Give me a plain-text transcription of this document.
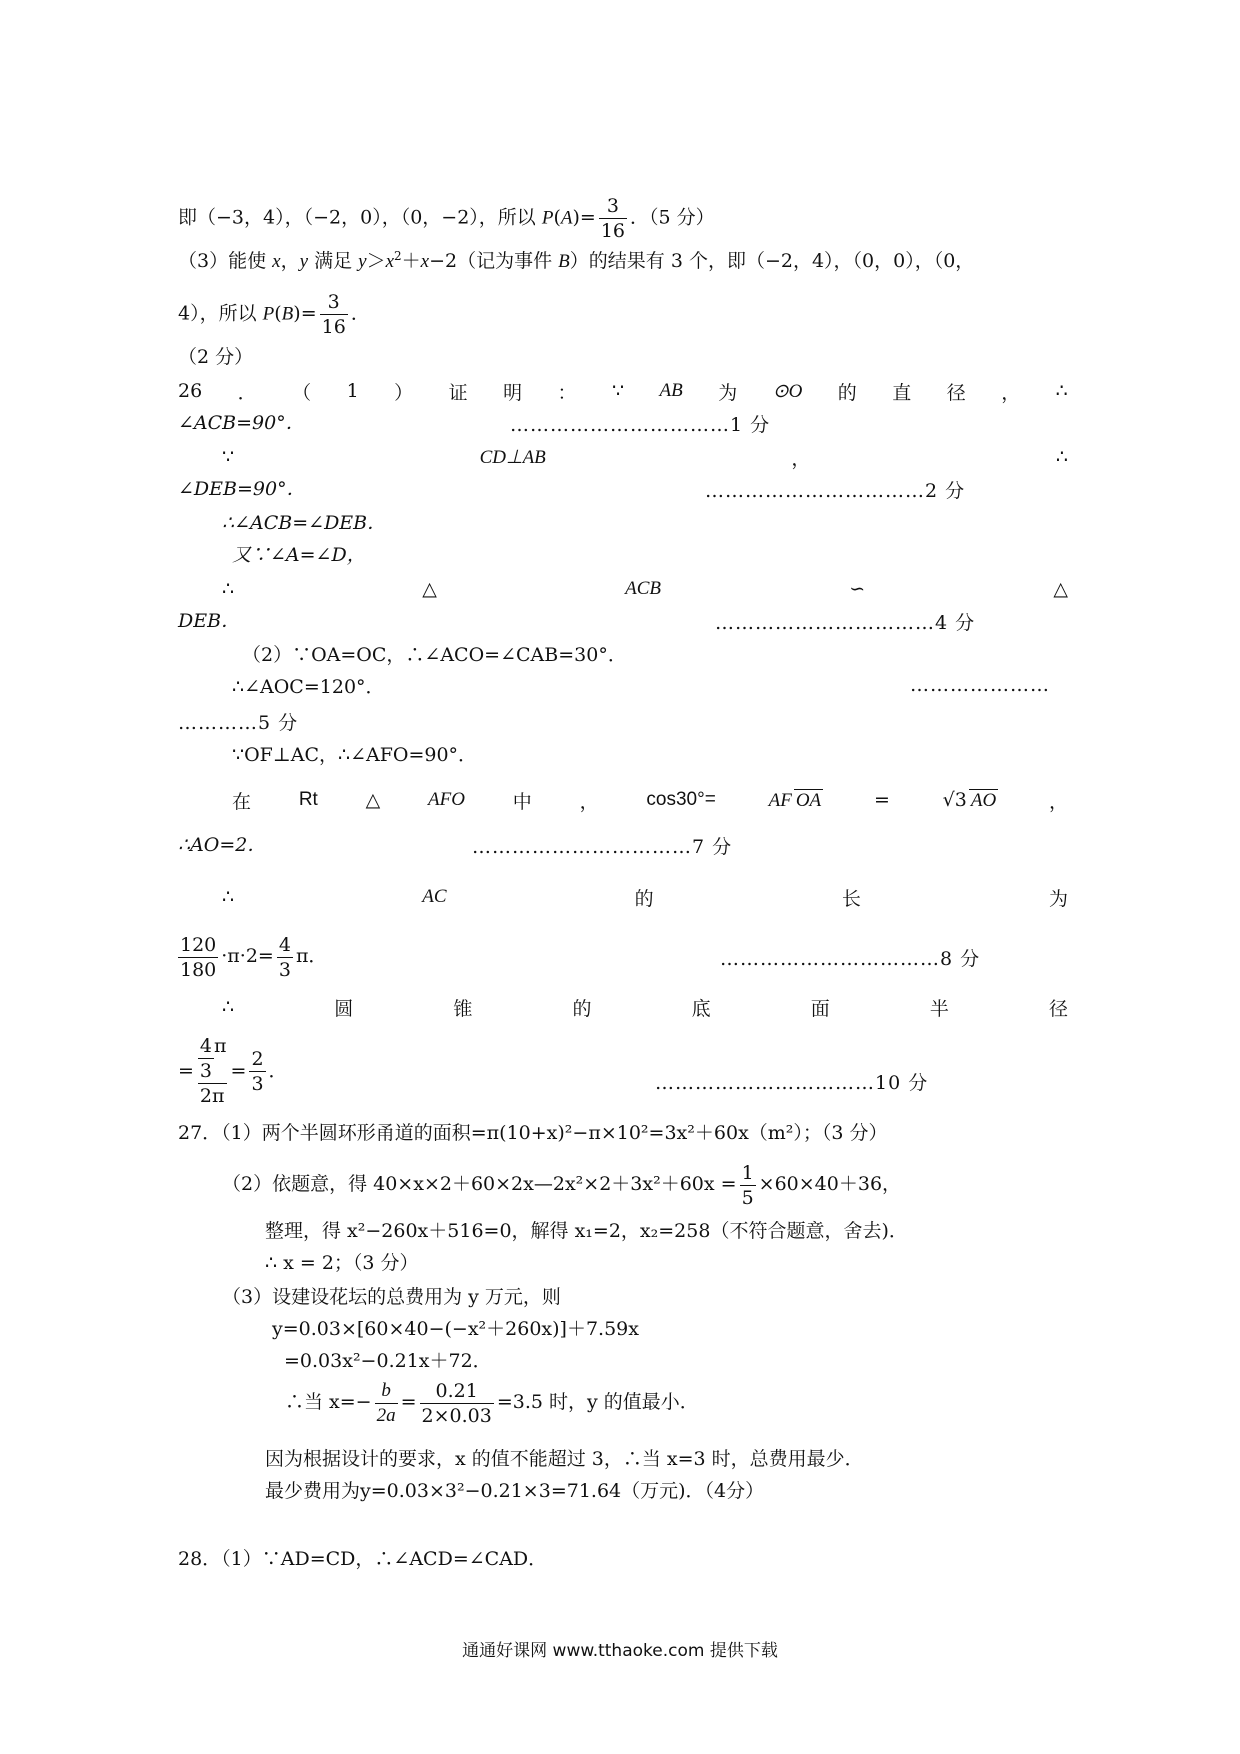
即（−3，4），（−2，0），（0，−2），所以 $P(A)= \frac{3}{16}$ ．（5 分）
（3）能使 x，y 满足 $y>x^2+x-2$（记为事件 B）的结果有 3 个，即（−2，4），（0，0），（0，
4），所以 $P(B)= \frac{3}{16}$ ．
（2 分）
26 ． （ 1 ） 证 明 ： ∵ AB 为 ⊙O 的 直 径 ， ∴
∠ACB=90°．	……………………………1 分
∵	CD⊥AB	，	∴
∠DEB=90°．	……………………………2 分
∴∠ACB=∠DEB．
又∵∠A=∠D，
∴	△	ACB	∽	△
DEB．	……………………………4 分
（2）∵OA=OC，∴∠ACO=∠CAB=30°．
∴∠AOC=120°．	…………………
…………5 分
∵OF⊥AC，∴∠AFO=90°．
在	Rt	△	AFO	中	，	cos30°=	AF OA	=	√3 AO	，
∴AO=2．	……………………………7 分
∴	AC	的	长	为
$\frac{120}{180} \cdot\pi\cdot 2= \frac{4}{3}$ π．	……………………………8 分
∴	圆	锥	的	底	面	半	径
= $\frac{\frac{4}{3} \pi}{2\pi} = \frac{2}{3}$ ．
……………………………10 分
27．（1）两个半圆环形甬道的面积=π(10+x)²−π×10²=3x²＋60x（m²）；（3 分）
（2）依题意，得 40×x×2＋60×2x—2x²×2＋3x²＋60x = $\frac{1}{5} \times 60\times 40+36$，
整理，得 x²−260x＋516=0，解得 x₁=2，x₂=258（不符合题意，舍去)．
∴ x = 2；（3 分）
（3）设建设花坛的总费用为 y 万元，则
y=0.03×[60×40−(−x²＋260x)]＋7.59x
=0.03x²−0.21x＋72．
∴当 $x=- \frac{b}{2a} = \frac{0.21}{2\times 0.03} =3.5$ 时，y 的值最小．
因为根据设计的要求，x 的值不能超过 3，∴当 x=3 时，总费用最少．
最少费用为y=0.03×3²−0.21×3=71.64（万元)．（4分）
28．（1）∵AD=CD，∴∠ACD=∠CAD．
通通好课网 www.tthaoke.com 提供下载
